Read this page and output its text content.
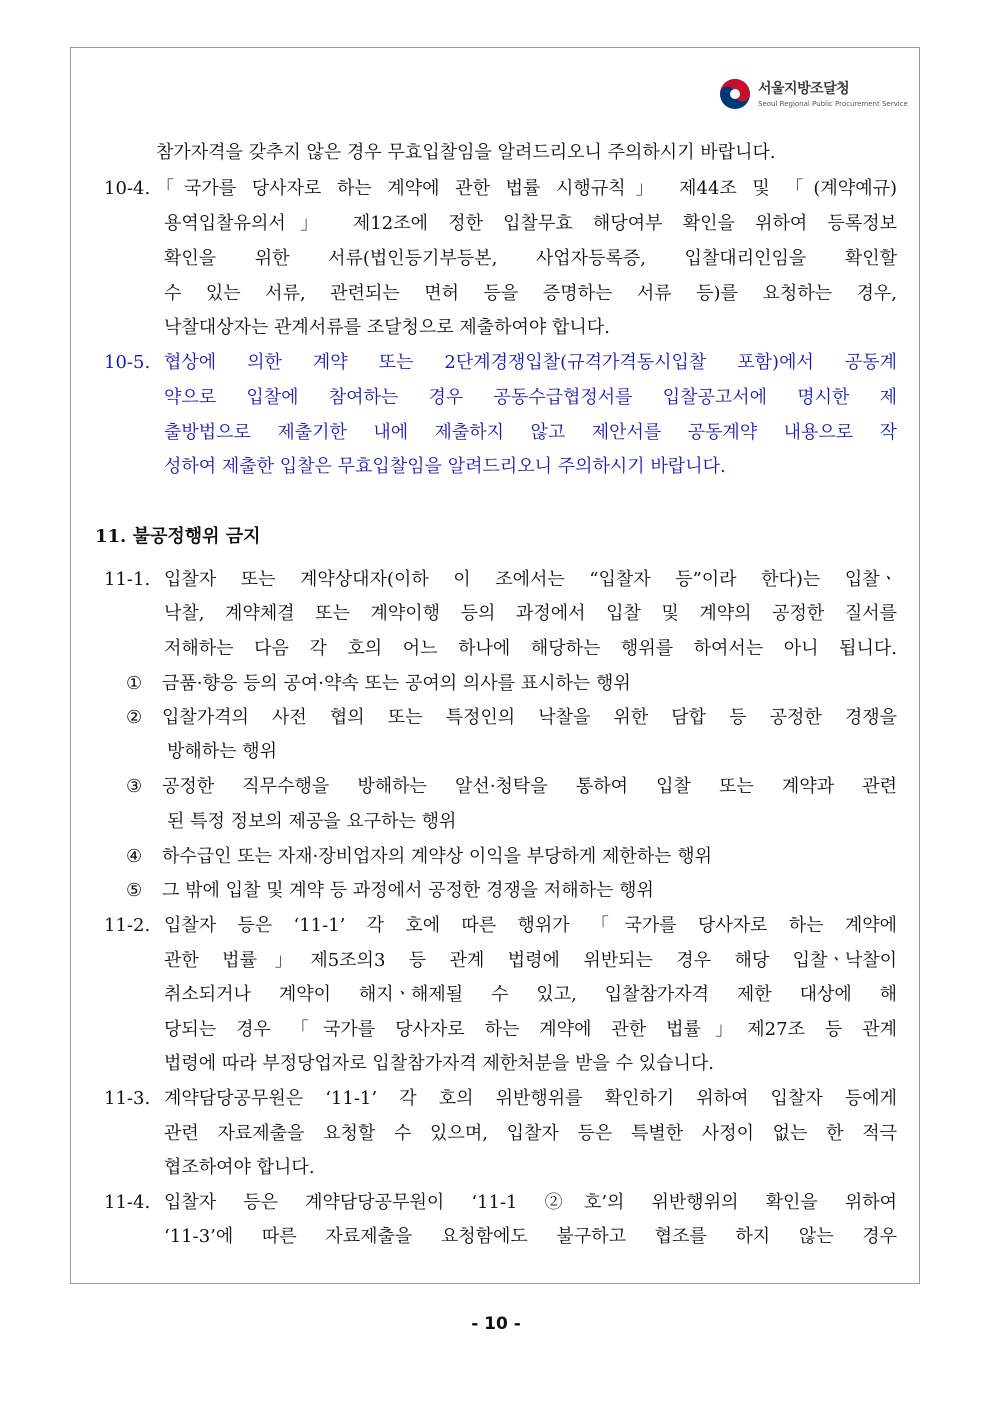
서울지방조달청
Seoul Regional Public Procurement Service
참가자격을 갖추지 않은 경우 무효입찰임을 알려드리오니 주의하시기 바랍니다.
10-4. 「국가를 당사자로 하는 계약에 관한 법률 시행규칙」 제44조 및 「(계약예규)
용역입찰유의서」 제12조에 정한 입찰무효 해당여부 확인을 위하여 등록정보
확인을 위한 서류(법인등기부등본, 사업자등록증, 입찰대리인임을 확인할
수 있는 서류, 관련되는 면허 등을 증명하는 서류 등)를 요청하는 경우,
낙찰대상자는 관계서류를 조달청으로 제출하여야 합니다.
10-5. 협상에 의한 계약 또는 2단계경쟁입찰(규격가격동시입찰 포함)에서 공동계
약으로 입찰에 참여하는 경우 공동수급협정서를 입찰공고서에 명시한 제
출방법으로 제출기한 내에 제출하지 않고 제안서를 공동계약 내용으로 작
성하여 제출한 입찰은 무효입찰임을 알려드리오니 주의하시기 바랍니다.
11. 불공정행위 금지
11-1. 입찰자 또는 계약상대자(이하 이 조에서는 “입찰자 등”이라 한다)는 입찰ㆍ
낙찰, 계약체결 또는 계약이행 등의 과정에서 입찰 및 계약의 공정한 질서를
저해하는 다음 각 호의 어느 하나에 해당하는 행위를 하여서는 아니 됩니다.
① 금품·향응 등의 공여·약속 또는 공여의 의사를 표시하는 행위
② 입찰가격의 사전 협의 또는 특정인의 낙찰을 위한 담합 등 공정한 경쟁을
방해하는 행위
③ 공정한 직무수행을 방해하는 알선·청탁을 통하여 입찰 또는 계약과 관련
된 특정 정보의 제공을 요구하는 행위
④ 하수급인 또는 자재·장비업자의 계약상 이익을 부당하게 제한하는 행위
⑤ 그 밖에 입찰 및 계약 등 과정에서 공정한 경쟁을 저해하는 행위
11-2. 입찰자 등은 ‘11-1’ 각 호에 따른 행위가 「국가를 당사자로 하는 계약에
관한 법률」제5조의3 등 관계 법령에 위반되는 경우 해당 입찰ㆍ낙찰이
취소되거나 계약이 해지ㆍ해제될 수 있고, 입찰참가자격 제한 대상에 해
당되는 경우 「국가를 당사자로 하는 계약에 관한 법률」제27조 등 관계
법령에 따라 부정당업자로 입찰참가자격 제한처분을 받을 수 있습니다.
11-3. 계약담당공무원은 ‘11-1’ 각 호의 위반행위를 확인하기 위하여 입찰자 등에게
관련 자료제출을 요청할 수 있으며, 입찰자 등은 특별한 사정이 없는 한 적극
협조하여야 합니다.
11-4. 입찰자 등은 계약담당공무원이 ‘11-1 ②호’의 위반행위의 확인을 위하여
‘11-3’에 따른 자료제출을 요청함에도 불구하고 협조를 하지 않는 경우
- 10 -
